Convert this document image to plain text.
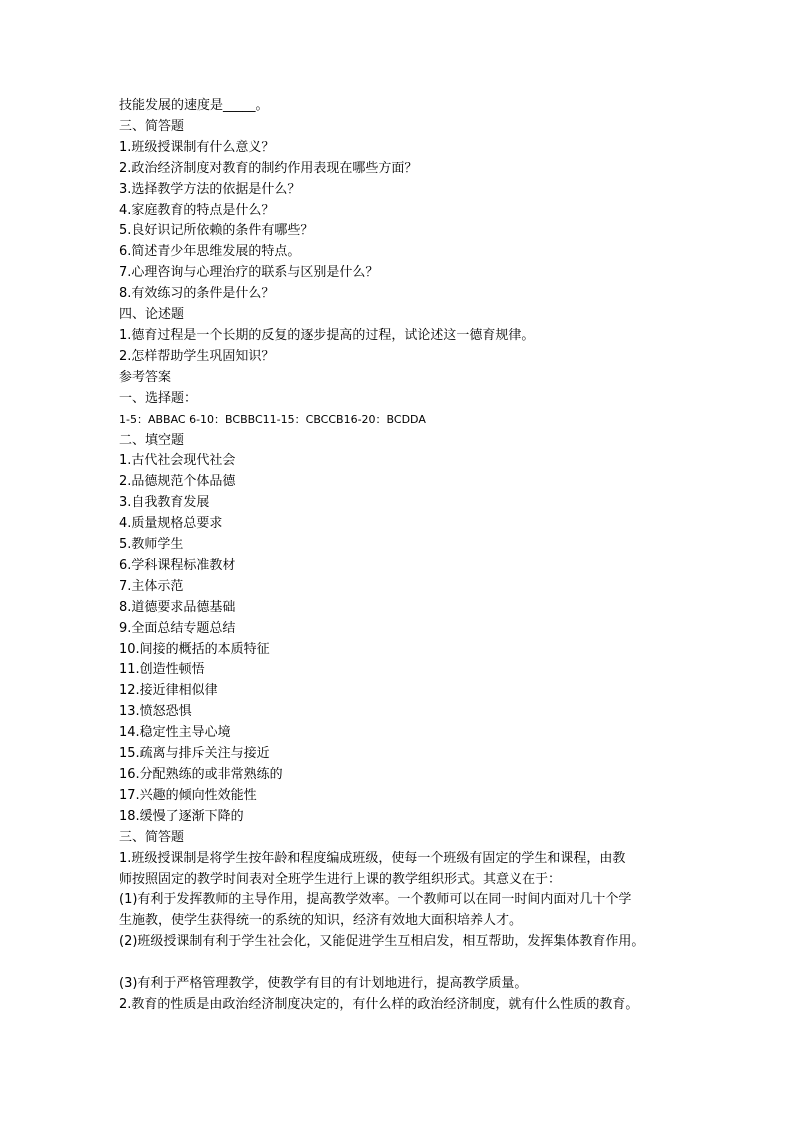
技能发展的速度是_____。
三、简答题
1.班级授课制有什么意义？
2.政治经济制度对教育的制约作用表现在哪些方面？
3.选择教学方法的依据是什么？
4.家庭教育的特点是什么？
5.良好识记所依赖的条件有哪些？
6.简述青少年思维发展的特点。
7.心理咨询与心理治疗的联系与区别是什么？
8.有效练习的条件是什么？
四、论述题
1.德育过程是一个长期的反复的逐步提高的过程，试论述这一德育规律。
2.怎样帮助学生巩固知识？
参考答案
一、选择题：
1-5：ABBAC 6-10：BCBBC11-15：CBCCB16-20：BCDDA
二、填空题
1.古代社会现代社会
2.品德规范个体品德
3.自我教育发展
4.质量规格总要求
5.教师学生
6.学科课程标准教材
7.主体示范
8.道德要求品德基础
9.全面总结专题总结
10.间接的概括的本质特征
11.创造性顿悟
12.接近律相似律
13.愤怒恐惧
14.稳定性主导心境
15.疏离与排斥关注与接近
16.分配熟练的或非常熟练的
17.兴趣的倾向性效能性
18.缓慢了逐渐下降的
三、简答题
1.班级授课制是将学生按年龄和程度编成班级，使每一个班级有固定的学生和课程，由教
师按照固定的教学时间表对全班学生进行上课的教学组织形式。其意义在于：
(1)有利于发挥教师的主导作用，提高教学效率。一个教师可以在同一时间内面对几十个学
生施教，使学生获得统一的系统的知识，经济有效地大面积培养人才。
(2)班级授课制有利于学生社会化，又能促进学生互相启发，相互帮助，发挥集体教育作用。
(3)有利于严格管理教学，使教学有目的有计划地进行，提高教学质量。
2.教育的性质是由政治经济制度决定的，有什么样的政治经济制度，就有什么性质的教育。
